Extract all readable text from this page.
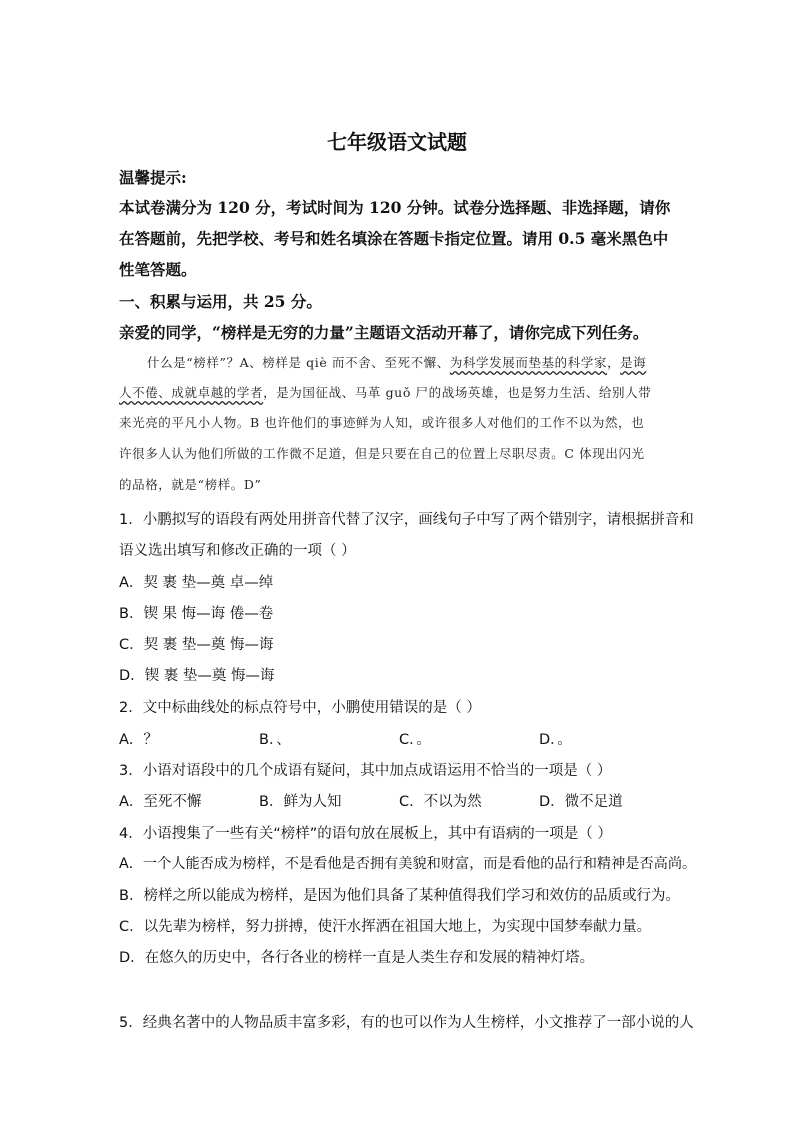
七年级语文试题
温馨提示:
本试卷满分为 120 分，考试时间为 120 分钟。试卷分选择题、非选择题，请你
在答题前，先把学校、考号和姓名填涂在答题卡指定位置。请用 0.5 毫米黑色中
性笔答题。
一、积累与运用，共 25 分。
亲爱的同学，“榜样是无穷的力量”主题语文活动开幕了，请你完成下列任务。
什么是“榜样”？A、榜样是 qiè 而不舍、至死不懈、为科学发展而垫基的科学家，是诲
人不倦、成就卓越的学者，是为国征战、马革 guǒ 尸的战场英雄，也是努力生活、给别人带
来光亮的平凡小人物。B 也许他们的事迹鲜为人知，或许很多人对他们的工作不以为然，也
许很多人认为他们所做的工作微不足道，但是只要在自己的位置上尽职尽责。C 体现出闪光
的品格，就是“榜样。D”
1．小鹏拟写的语段有两处用拼音代替了汉字，画线句子中写了两个错别字，请根据拼音和
语义选出填写和修改正确的一项（ ）
A．契 裹 垫—奠 卓—绰
B．锲 果 悔—诲 倦—卷
C．契 裹 垫—奠 悔—诲
D．锲 裹 垫—奠 悔—诲
2．文中标曲线处的标点符号中，小鹏使用错误的是（ ）
A．？	B．、	C．。	D．。
3．小语对语段中的几个成语有疑问，其中加点成语运用不恰当的一项是（ ）
A．至死不懈	B．鲜为人知	C．不以为然	D．微不足道
4．小语搜集了一些有关“榜样”的语句放在展板上，其中有语病的一项是（ ）
A．一个人能否成为榜样，不是看他是否拥有美貌和财富，而是看他的品行和精神是否高尚。
B．榜样之所以能成为榜样，是因为他们具备了某种值得我们学习和效仿的品质或行为。
C．以先辈为榜样，努力拼搏，使汗水挥洒在祖国大地上，为实现中国梦奉献力量。
D．在悠久的历史中，各行各业的榜样一直是人类生存和发展的精神灯塔。
5．经典名著中的人物品质丰富多彩，有的也可以作为人生榜样，小文推荐了一部小说的人
